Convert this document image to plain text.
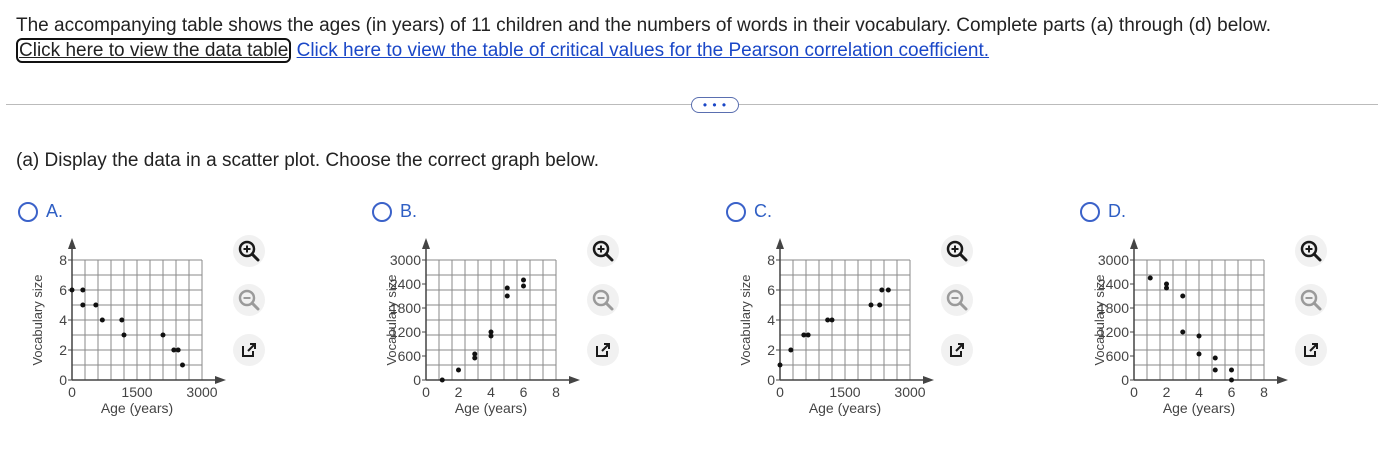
The accompanying table shows the ages (in years) of 11 children and the numbers of words in their vocabulary. Complete parts (a) through (d) below.
Click here to view the data table Click here to view the table of critical values for the Pearson correlation coefficient.
• • •
(a) Display the data in a scatter plot. Choose the correct graph below.
A.	B.	C.	D.
0
2
4
6
8
0	1500 3000
Age (years)
Vocabulary size
0
600
1200
1800
2400
3000
0 2 4 6 8
Age (years)
Vocabulary size
0
2
4
6
8
0	1500 3000
Age (years)
Vocabulary size
0
600
1200
1800
2400
3000
0 2 4 6 8
Age (years)
Vocabulary size
